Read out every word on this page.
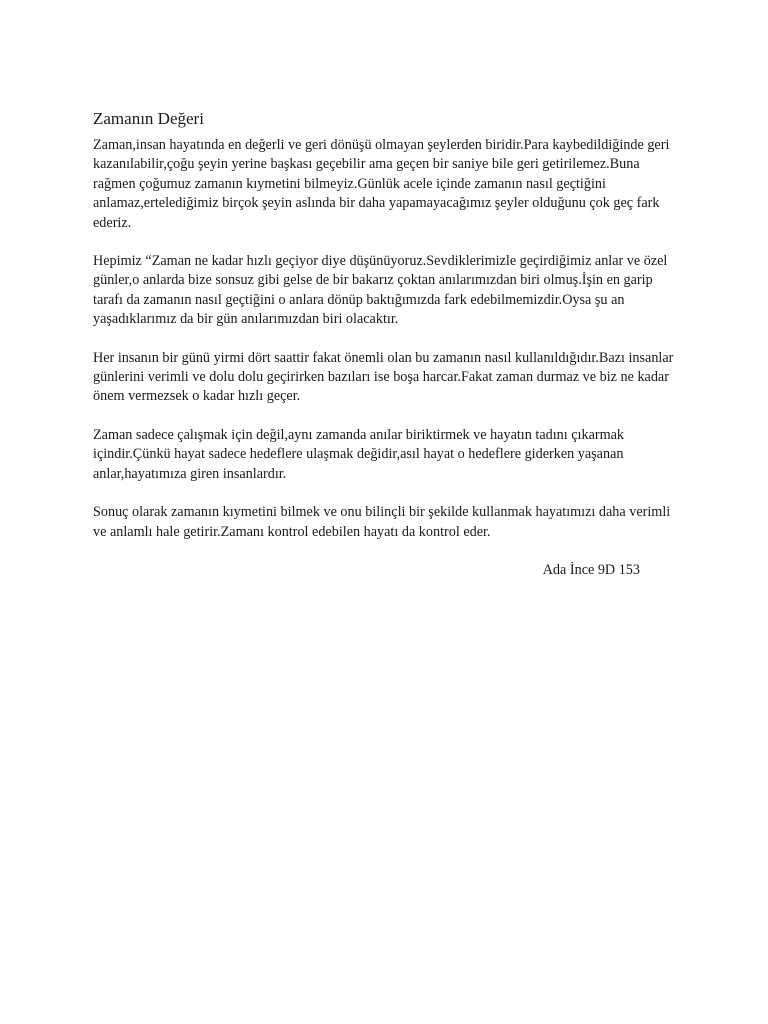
Zamanın Değeri

Zaman,insan hayatında en değerli ve geri dönüşü olmayan şeylerden biridir.Para kaybedildiğinde geri kazanılabilir,çoğu şeyin yerine başkası geçebilir ama geçen bir saniye bile geri getirilemez.Buna rağmen çoğumuz zamanın kıymetini bilmeyiz.Günlük acele içinde zamanın nasıl geçtiğini anlamaz,ertelediğimiz birçok şeyin aslında bir daha yapamayacağımız şeyler olduğunu çok geç fark ederiz.

Hepimiz “Zaman ne kadar hızlı geçiyor diye düşünüyoruz.Sevdiklerimizle geçirdiğimiz anlar ve özel günler,o anlarda bize sonsuz gibi gelse de bir bakarız çoktan anılarımızdan biri olmuş.İşin en garip tarafı da zamanın nasıl geçtiğini o anlara dönüp baktığımızda fark edebilmemizdir.Oysa şu an yaşadıklarımız da bir gün anılarımızdan biri olacaktır.

Her insanın bir günü yirmi dört saattir fakat önemli olan bu zamanın nasıl kullanıldığıdır.Bazı insanlar günlerini verimli ve dolu dolu geçirirken bazıları ise boşa harcar.Fakat zaman durmaz ve biz ne kadar önem vermezsek o kadar hızlı geçer.

Zaman sadece çalışmak için değil,aynı zamanda anılar biriktirmek ve hayatın tadını çıkarmak içindir.Çünkü hayat sadece hedeflere ulaşmak değidir,asıl hayat o hedeflere giderken yaşanan anlar,hayatımıza giren insanlardır.

Sonuç olarak zamanın kıymetini bilmek ve onu bilinçli bir şekilde kullanmak hayatımızı daha verimli ve anlamlı hale getirir.Zamanı kontrol edebilen hayatı da kontrol eder.

Ada İnce 9D 153
